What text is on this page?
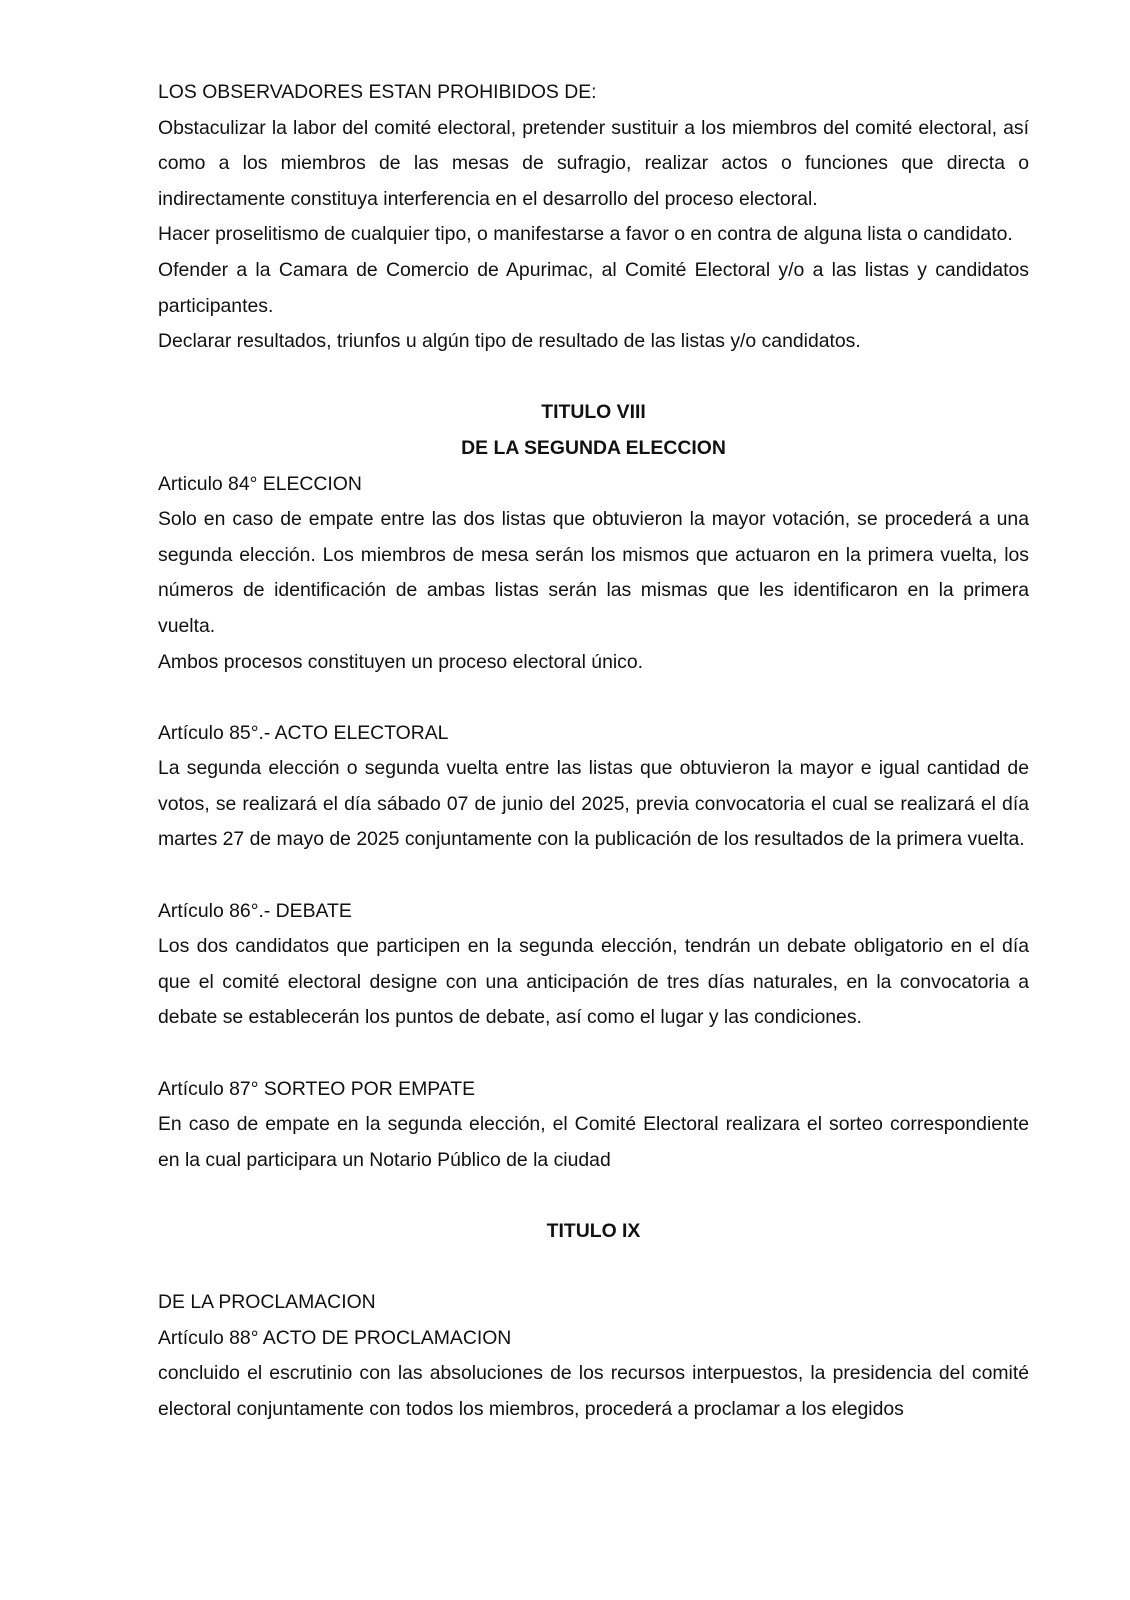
LOS OBSERVADORES ESTAN PROHIBIDOS DE:

Obstaculizar la labor del comité electoral, pretender sustituir a los miembros del comité electoral, así como a los miembros de las mesas de sufragio, realizar actos o funciones que directa o indirectamente constituya interferencia en el desarrollo del proceso electoral.

Hacer proselitismo de cualquier tipo, o manifestarse a favor o en contra de alguna lista o candidato.

Ofender a la Camara de Comercio de Apurimac, al Comité Electoral y/o a las listas y candidatos participantes.

Declarar resultados, triunfos u algún tipo de resultado de las listas y/o candidatos.

TITULO VIII

DE LA SEGUNDA ELECCION

Articulo 84° ELECCION

Solo en caso de empate entre las dos listas que obtuvieron la mayor votación, se procederá a una segunda elección. Los miembros de mesa serán los mismos que actuaron en la primera vuelta, los números de identificación de ambas listas serán las mismas que les identificaron en la primera vuelta.

Ambos procesos constituyen un proceso electoral único.

Artículo 85°.- ACTO ELECTORAL

La segunda elección o segunda vuelta entre las listas que obtuvieron la mayor e igual cantidad de votos, se realizará el día sábado 07 de junio del 2025, previa convocatoria el cual se realizará el día martes 27 de mayo de 2025 conjuntamente con la publicación de los resultados de la primera vuelta.

Artículo 86°.- DEBATE

Los dos candidatos que participen en la segunda elección, tendrán un debate obligatorio en el día que el comité electoral designe con una anticipación de tres días naturales, en la convocatoria a debate se establecerán los puntos de debate, así como el lugar y las condiciones.

Artículo 87° SORTEO POR EMPATE

En caso de empate en la segunda elección, el Comité Electoral realizara el sorteo correspondiente en la cual participara un Notario Público de la ciudad

TITULO IX

DE LA PROCLAMACION

Artículo 88° ACTO DE PROCLAMACION

concluido el escrutinio con las absoluciones de los recursos interpuestos, la presidencia del comité electoral conjuntamente con todos los miembros, procederá a proclamar a los elegidos
